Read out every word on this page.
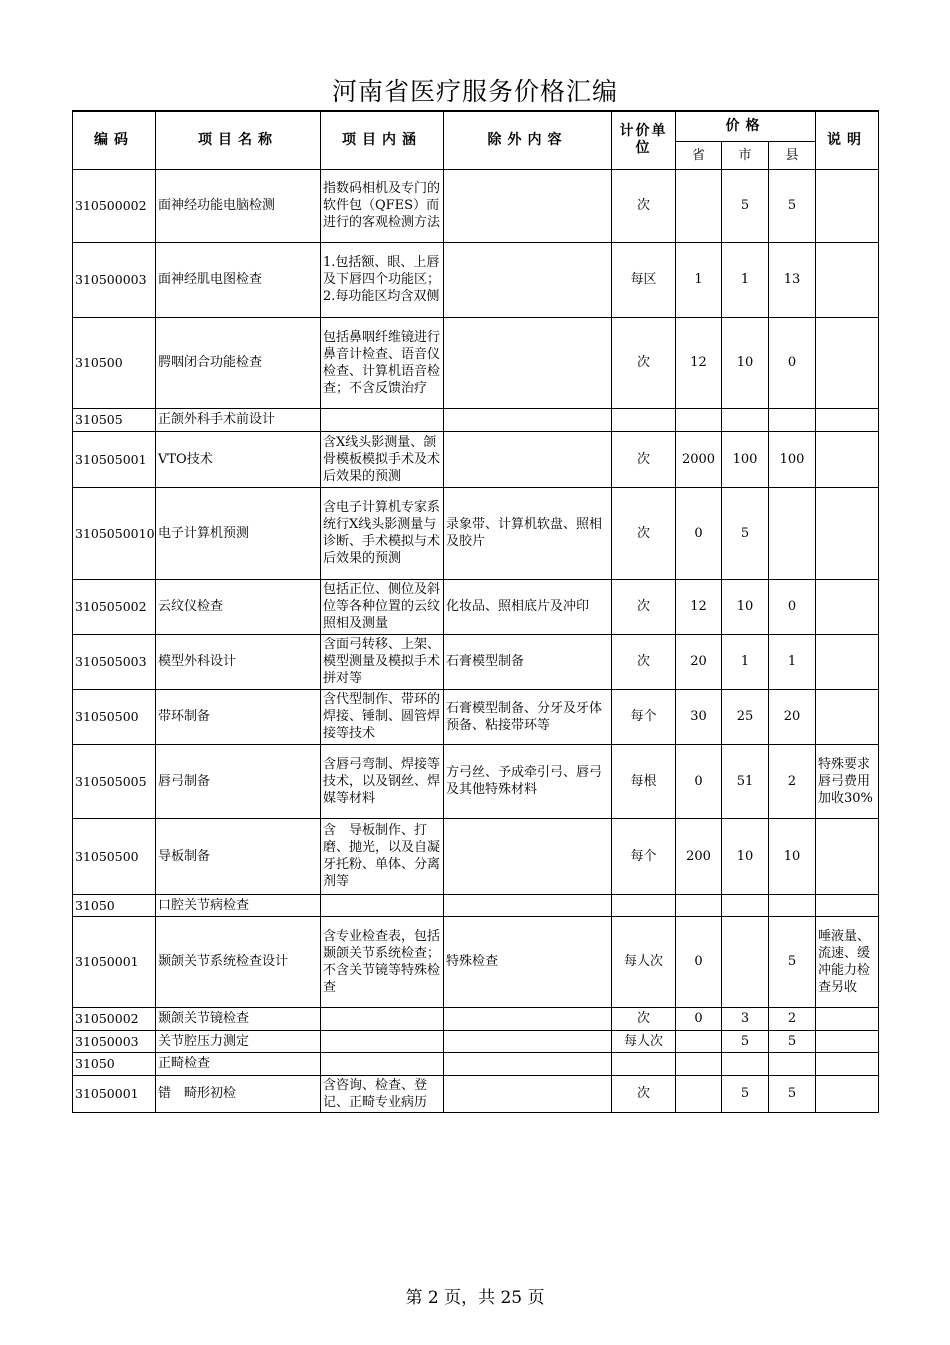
河南省医疗服务价格汇编
编码	项目名称	项目内涵	除外内容	计价单位	价格			说明
					省	市	县	
310500002	面神经功能电脑检测	指数码相机及专门的软件包（QFES）而进行的客观检测方法		次		5	5	
310500003	面神经肌电图检查	1.包括额、眼、上唇及下唇四个功能区；2.每功能区均含双侧		每区	1	1	13	
310500	腭咽闭合功能检查	包括鼻咽纤维镜进行鼻音计检查、语音仪检查、计算机语音检查；不含反馈治疗		次	12	10	0	
310505	正颌外科手术前设计							
310505001	VTO技术	含X线头影测量、颌骨模板模拟手术及术后效果的预测		次	2000	100	100	
3105050010	电子计算机预测	含电子计算机专家系统行X线头影测量与诊断、手术模拟与术后效果的预测	录象带、计算机软盘、照相及胶片	次	0	5		
310505002	云纹仪检查	包括正位、侧位及斜位等各种位置的云纹照相及测量	化妆品、照相底片及冲印	次	12	10	0	
310505003	模型外科设计	含面弓转移、上架、模型测量及模拟手术拼对等	石膏模型制备	次	20	1	1	
31050500	带环制备	含代型制作、带环的焊接、锤制、圆管焊接等技术	石膏模型制备、分牙及牙体预备、粘接带环等	每个	30	25	20	
310505005	唇弓制备	含唇弓弯制、焊接等技术，以及钢丝、焊媒等材料	方弓丝、予成牵引弓、唇弓及其他特殊材料	每根	0	51	2	特殊要求唇弓费用加收30%
31050500	导板制备	含　导板制作、打磨、抛光，以及自凝牙托粉、单体、分离剂等		每个	200	10	10	
31050	口腔关节病检查							
31050001	颞颌关节系统检查设计	含专业检查表，包括颞颌关节系统检查；不含关节镜等特殊检查	特殊检查	每人次	0		5	唾液量、流速、缓冲能力检查另收
31050002	颞颌关节镜检查			次	0	3	2	
31050003	关节腔压力测定			每人次		5	5	
31050	正畸检查							
31050001	错　畸形初检	含咨询、检查、登记、正畸专业病历		次		5	5	
第 2 页，共 25 页
